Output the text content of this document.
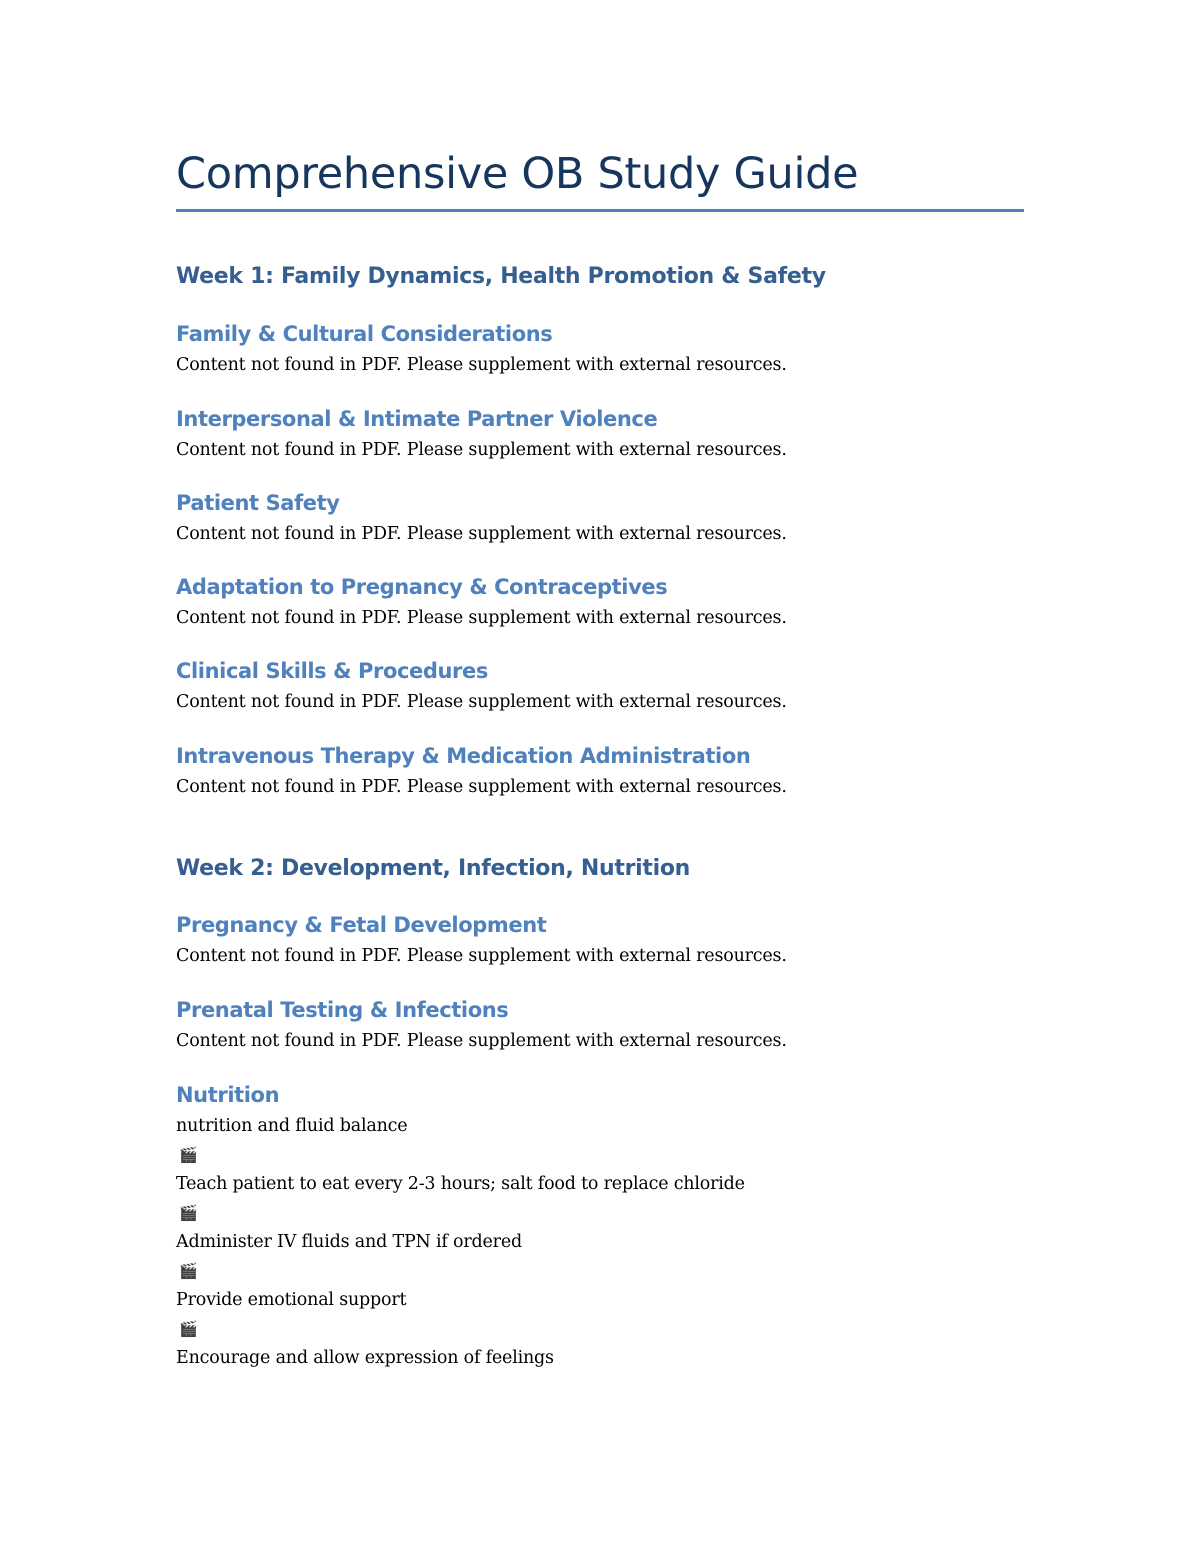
Comprehensive OB Study Guide
Week 1: Family Dynamics, Health Promotion & Safety
Family & Cultural Considerations

Content not found in PDF. Please supplement with external resources.

Interpersonal & Intimate Partner Violence

Content not found in PDF. Please supplement with external resources.

Patient Safety

Content not found in PDF. Please supplement with external resources.

Adaptation to Pregnancy & Contraceptives

Content not found in PDF. Please supplement with external resources.

Clinical Skills & Procedures

Content not found in PDF. Please supplement with external resources.

Intravenous Therapy & Medication Administration

Content not found in PDF. Please supplement with external resources.

Week 2: Development, Infection, Nutrition
Pregnancy & Fetal Development

Content not found in PDF. Please supplement with external resources.

Prenatal Testing & Infections

Content not found in PDF. Please supplement with external resources.

Nutrition
nutrition and fluid balance
🎬
Teach patient to eat every 2-3 hours; salt food to replace chloride
🎬
Administer IV fluids and TPN if ordered
🎬
Provide emotional support
🎬
Encourage and allow expression of feelings
